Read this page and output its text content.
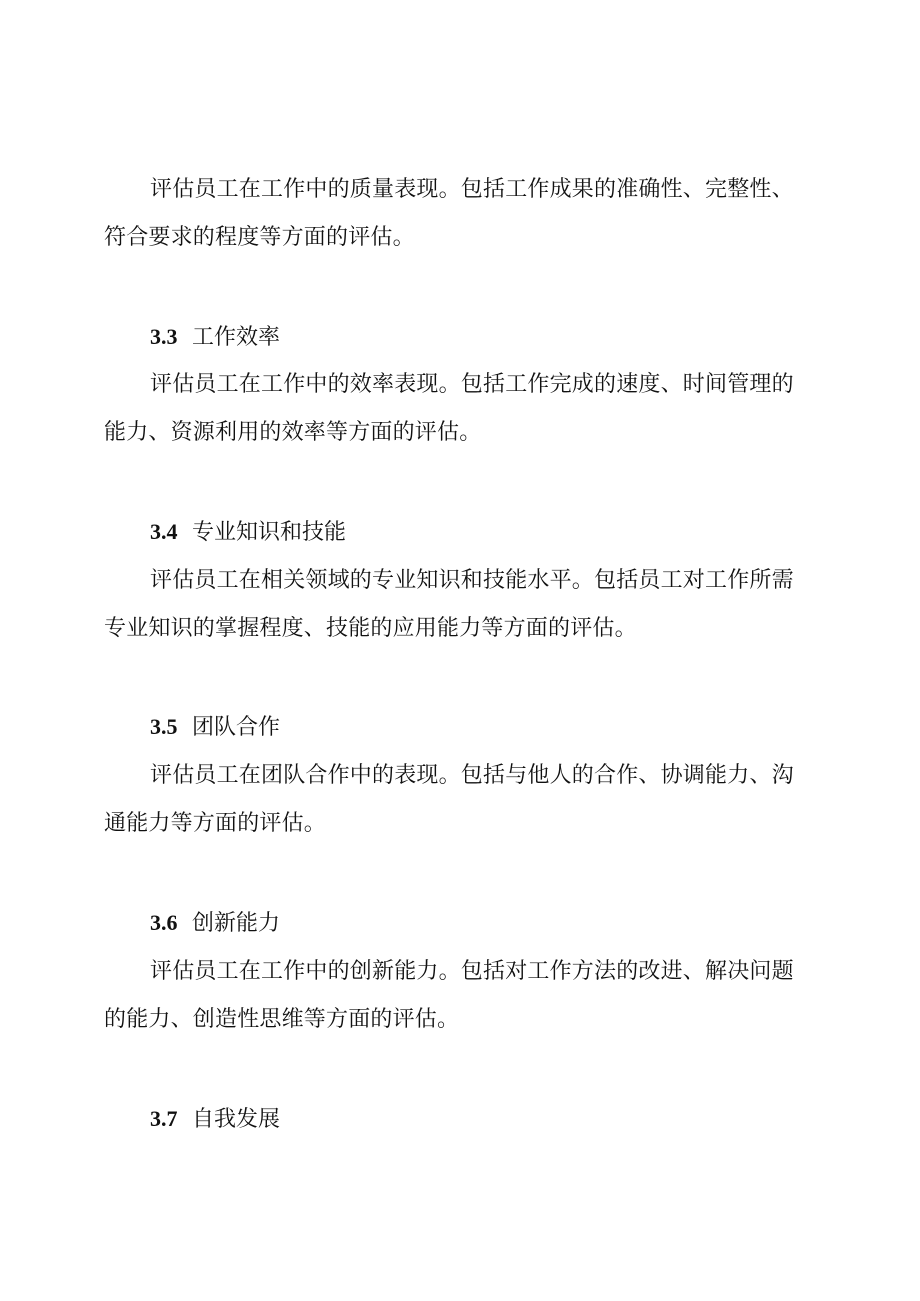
评估员工在工作中的质量表现。包括工作成果的准确性、完整性、符合要求的程度等方面的评估。

3.3 工作效率

评估员工在工作中的效率表现。包括工作完成的速度、时间管理的能力、资源利用的效率等方面的评估。

3.4 专业知识和技能

评估员工在相关领域的专业知识和技能水平。包括员工对工作所需专业知识的掌握程度、技能的应用能力等方面的评估。

3.5 团队合作

评估员工在团队合作中的表现。包括与他人的合作、协调能力、沟通能力等方面的评估。

3.6 创新能力

评估员工在工作中的创新能力。包括对工作方法的改进、解决问题的能力、创造性思维等方面的评估。

3.7 自我发展
